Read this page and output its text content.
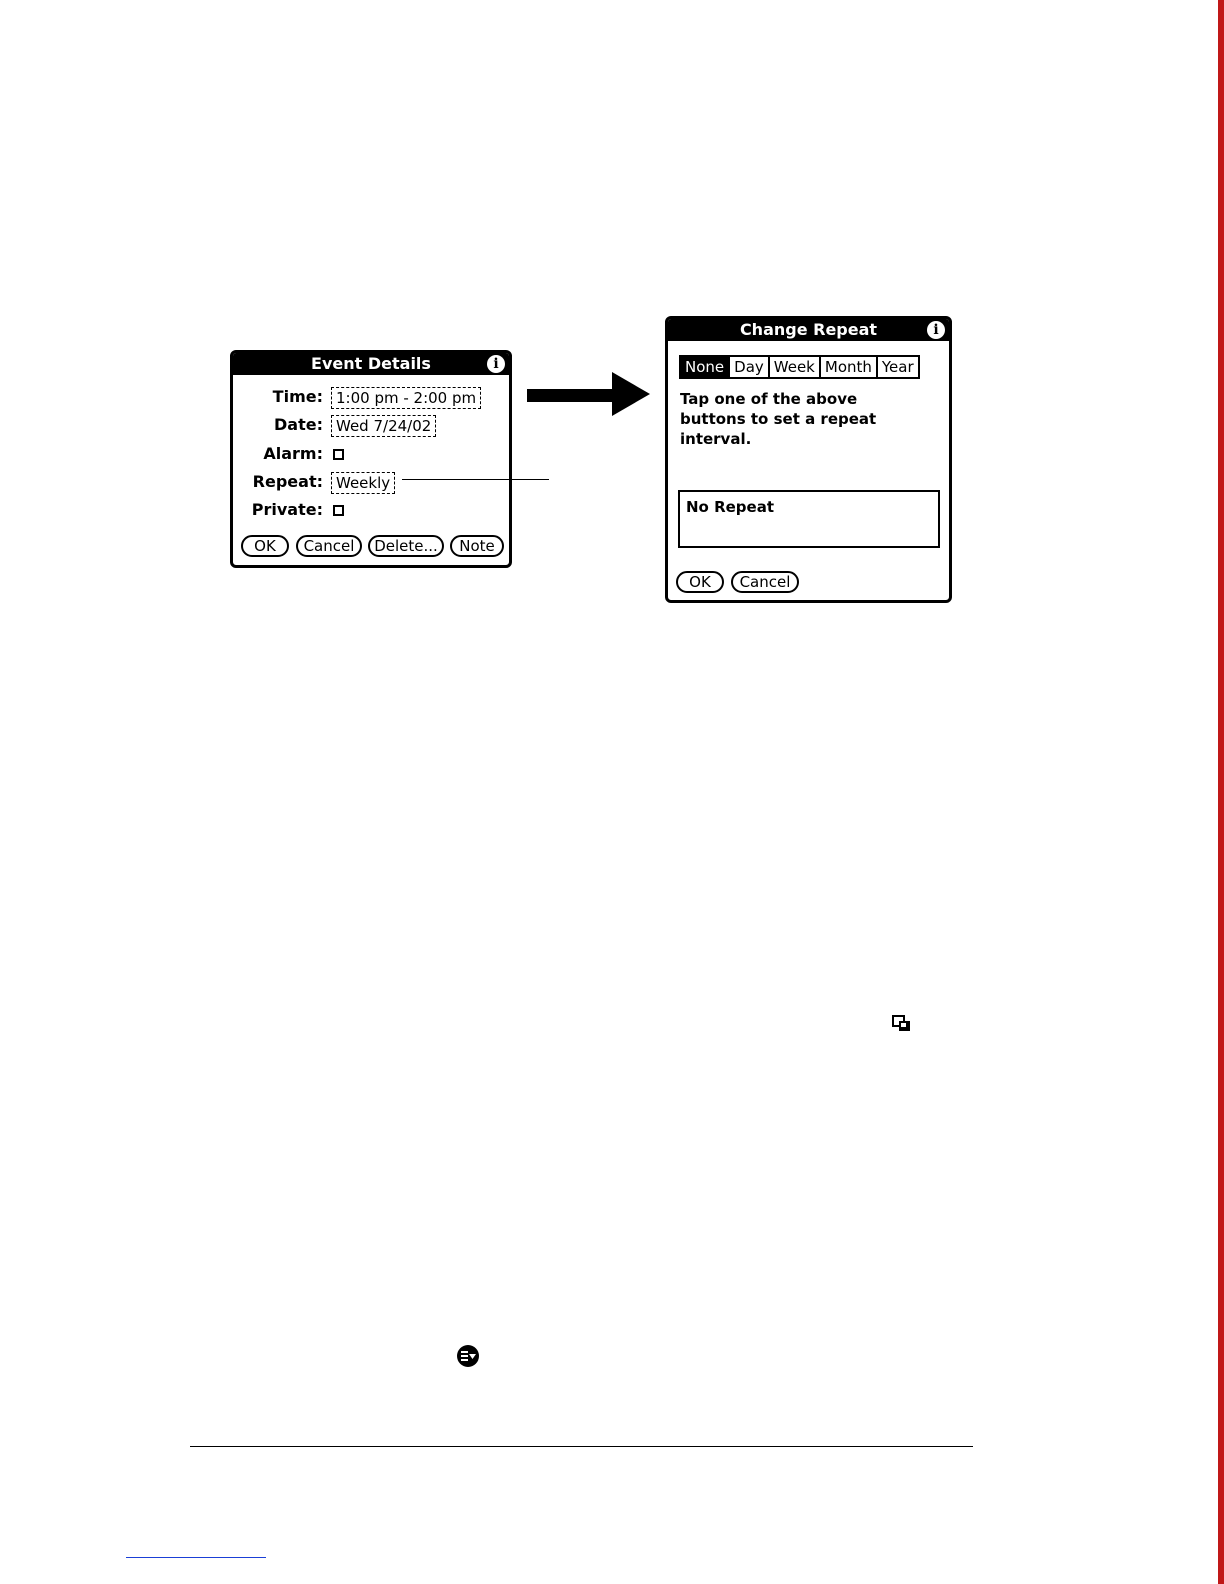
Event Details	i
Time: 1:00 pm - 2:00 pm
Date: Wed 7/24/02
Alarm:
Repeat: Weekly
Private:
OK	Cancel	Delete...	Note
Change Repeat	i
None Day Week Month Year
Tap one of the above buttons to set a repeat interval.
No Repeat
OK	Cancel
